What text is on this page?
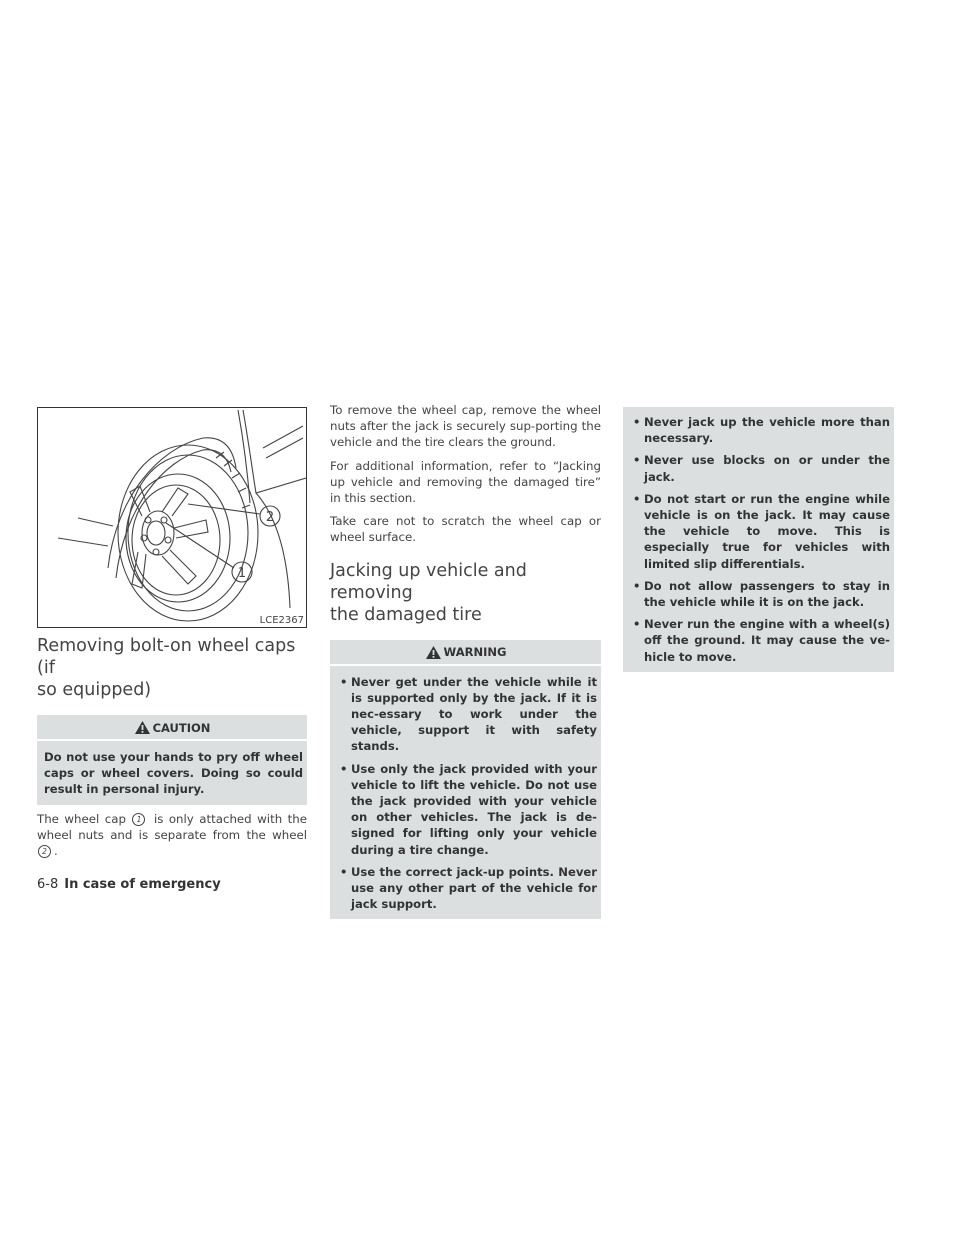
2
1
LCE2367
Removing bolt-on wheel caps (if
so equipped)
CAUTION
Do not use your hands to pry off wheel caps or wheel covers. Doing so could result in personal injury.

The wheel cap 1 is only attached with the wheel nuts and is separate from the wheel 2 .

To remove the wheel cap, remove the wheel nuts after the jack is securely sup-porting the vehicle and the tire clears the ground.

For additional information, refer to “Jacking up vehicle and removing the damaged tire” in this section.

Take care not to scratch the wheel cap or wheel surface.

Jacking up vehicle and removing
the damaged tire
WARNING
• Never get under the vehicle while it is supported only by the jack. If it is nec-essary to work under the vehicle, support it with safety stands.
• Use only the jack provided with your vehicle to lift the vehicle. Do not use the jack provided with your vehicle on other vehicles. The jack is de-signed for lifting only your vehicle during a tire change.
• Use the correct jack-up points. Never use any other part of the vehicle for jack support.
• Never jack up the vehicle more than necessary.
• Never use blocks on or under the jack.
• Do not start or run the engine while vehicle is on the jack. It may cause the vehicle to move. This is especially true for vehicles with limited slip differentials.
• Do not allow passengers to stay in the vehicle while it is on the jack.
• Never run the engine with a wheel(s) off the ground. It may cause the ve-hicle to move.
6-8 In case of emergency
